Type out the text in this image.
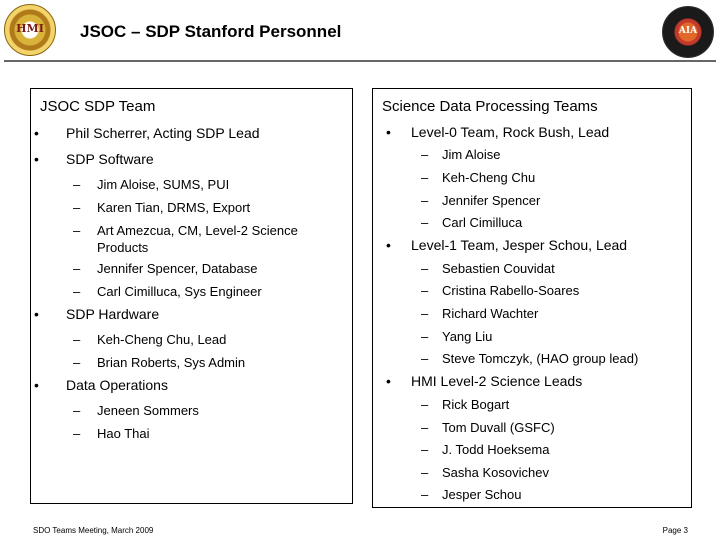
HMI	JSOC – SDP Stanford Personnel	AIA
JSOC SDP Team
• Phil Scherrer, Acting SDP Lead
• SDP Software
– Jim Aloise, SUMS, PUI
– Karen Tian, DRMS, Export
– Art Amezcua, CM, Level-2 Science Products
– Jennifer Spencer, Database
– Carl Cimilluca, Sys Engineer
• SDP Hardware
– Keh-Cheng Chu, Lead
– Brian Roberts, Sys Admin
• Data Operations
– Jeneen Sommers
– Hao Thai
Science Data Processing Teams
• Level-0 Team, Rock Bush, Lead
– Jim Aloise
– Keh-Cheng Chu
– Jennifer Spencer
– Carl Cimilluca
• Level-1 Team, Jesper Schou, Lead
– Sebastien Couvidat
– Cristina Rabello-Soares
– Richard Wachter
– Yang Liu
– Steve Tomczyk, (HAO group lead)
• HMI Level-2 Science Leads
– Rick Bogart
– Tom Duvall (GSFC)
– J. Todd Hoeksema
– Sasha Kosovichev
– Jesper Schou
SDO Teams Meeting, March 2009	Page 3
